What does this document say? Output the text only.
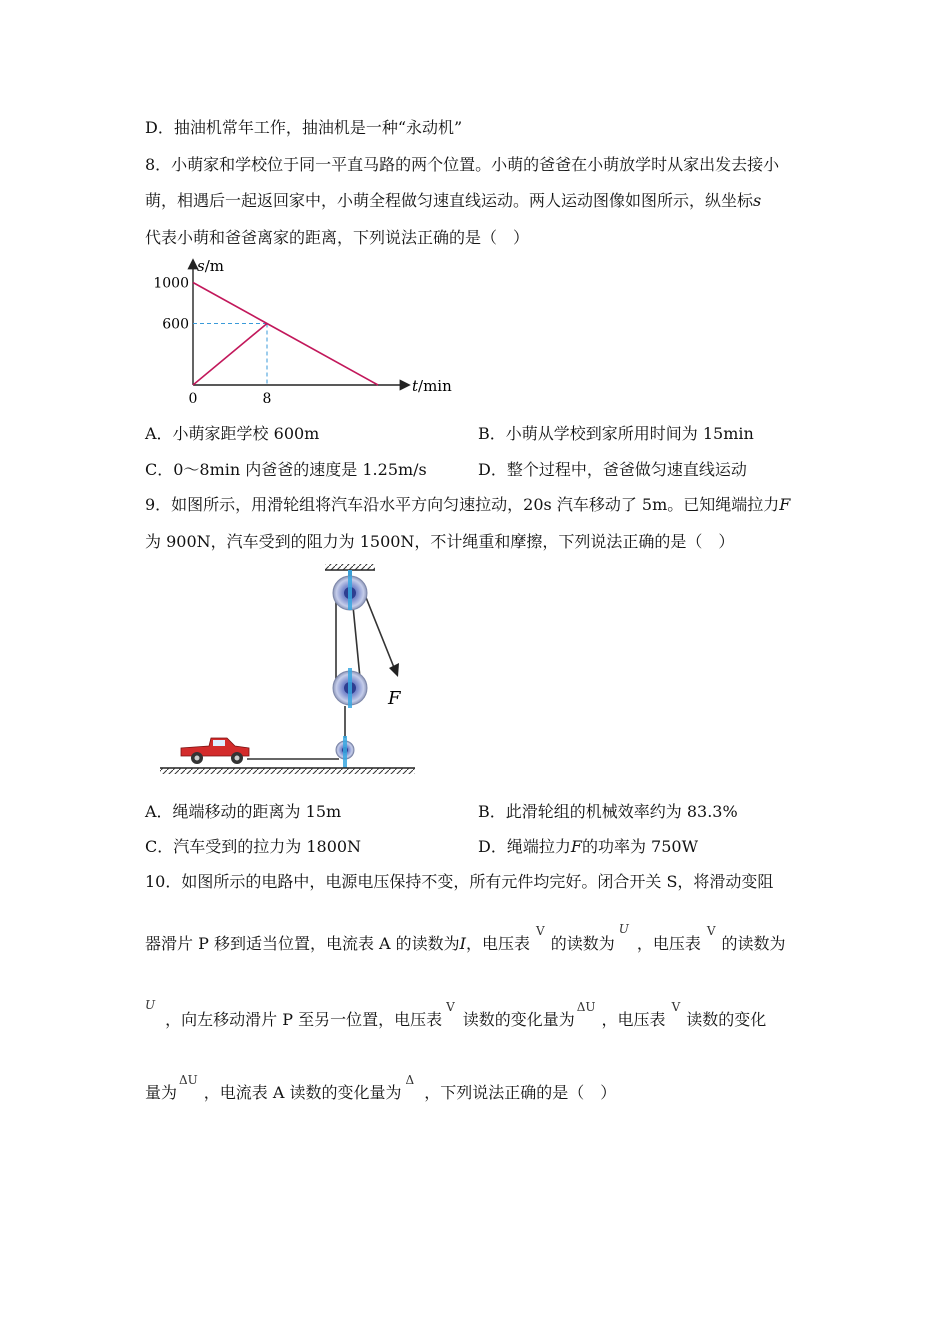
D．抽油机常年工作，抽油机是一种“永动机”
8．小萌家和学校位于同一平直马路的两个位置。小萌的爸爸在小萌放学时从家出发去接小
萌，相遇后一起返回家中，小萌全程做匀速直线运动。两人运动图像如图所示，纵坐标s
代表小萌和爸爸离家的距离，下列说法正确的是（　）
600
1000
0	8
s/m
t/min
A．小萌家距学校 600m	B．小萌从学校到家所用时间为 15min
C．0～8min 内爸爸的速度是 1.25m/s	D．整个过程中，爸爸做匀速直线运动
9．如图所示，用滑轮组将汽车沿水平方向匀速拉动，20s 汽车移动了 5m。已知绳端拉力F
为 900N，汽车受到的阻力为 1500N，不计绳重和摩擦，下列说法正确的是（　）
F
A．绳端移动的距离为 15m	B．此滑轮组的机械效率约为 83.3%
C．汽车受到的拉力为 1800N	D．绳端拉力F的功率为 750W
10．如图所示的电路中，电源电压保持不变，所有元件均完好。闭合开关 S，将滑动变阻
器滑片 P 移到适当位置，电流表 A 的读数为I，电压表$^V$的读数为$^U$，电压表$^V$的读数为
$^U$，向左移动滑片 P 至另一位置，电压表$^V$读数的变化量为$^{\Delta U}$，电压表$^V$读数的变化
量为$^{\Delta U}$，电流表 A 读数的变化量为$^\Delta$，下列说法正确的是（　）
